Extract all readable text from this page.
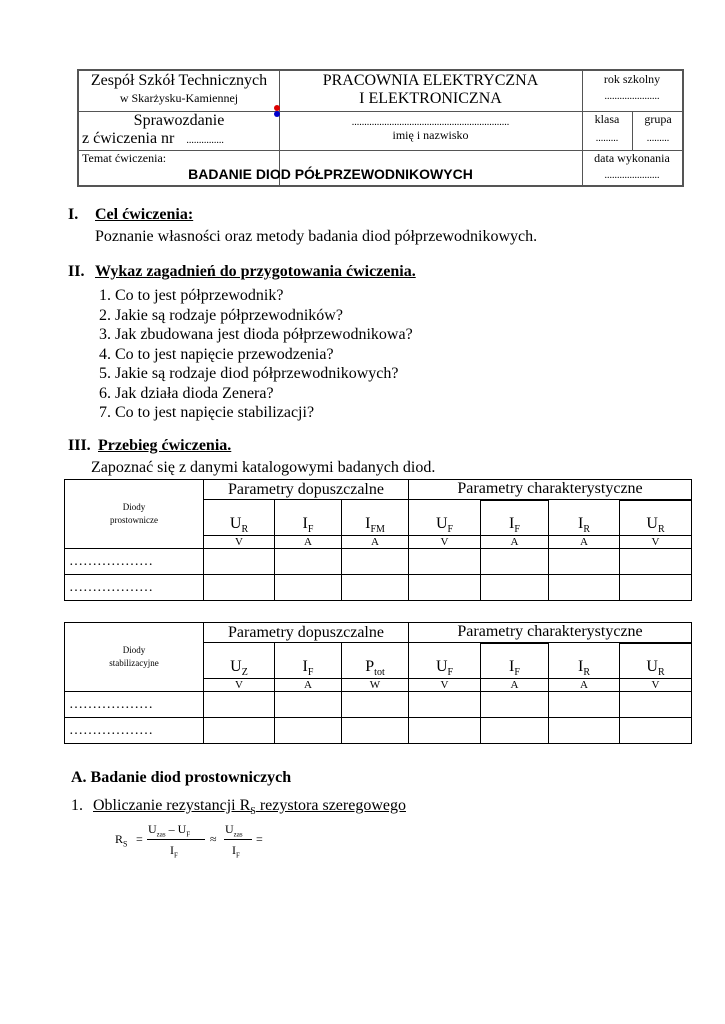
Zespół Szkół Technicznych
w Skarżysku-Kamiennej
PRACOWNIA ELEKTRYCZNA
I ELEKTRONICZNA
rok szkolny
......................
Sprawozdanie
z ćwiczenia nr ...............
...............................................................
imię i nazwisko
klasa
.........
grupa
.........
Temat ćwiczenia:
BADANIE DIOD PÓŁPRZEWODNIKOWYCH
data wykonania
......................
I. Cel ćwiczenia:
Poznanie własności oraz metody badania diod półprzewodnikowych.
II. Wykaz zagadnień do przygotowania ćwiczenia.
1. Co to jest półprzewodnik?
2. Jakie są rodzaje półprzewodników?
3. Jak zbudowana jest dioda półprzewodnikowa?
4. Co to jest napięcie przewodzenia?
5. Jakie są rodzaje diod półprzewodnikowych?
6. Jak działa dioda Zenera?
7. Co to jest napięcie stabilizacji?
III. Przebieg ćwiczenia.
Zapoznać się z danymi katalogowymi badanych diod.
Diody
prostownicze	Parametry dopuszczalne			Parametry charakterystyczne			
	$U_R$	$I_F$	$I_{FM}$	$U_F$	$I_F$	$I_R$	$U_R$
	V	A	A	V	A	A	V
………………							
………………							
Diody
stabilizacyjne	Parametry dopuszczalne			Parametry charakterystyczne			
	$U_Z$	$I_F$	$P_{tot}$	$U_F$	$I_F$	$I_R$	$U_R$
	V	A	W	V	A	A	V
………………							
………………							
A. Badanie diod prostowniczych
1. Obliczanie rezystancji $R_S$ rezystora szeregowego
$R_S$ =
$U_{zas} - U_F$
$I_F$
≈
$U_{zas}$
$I_F$
=
